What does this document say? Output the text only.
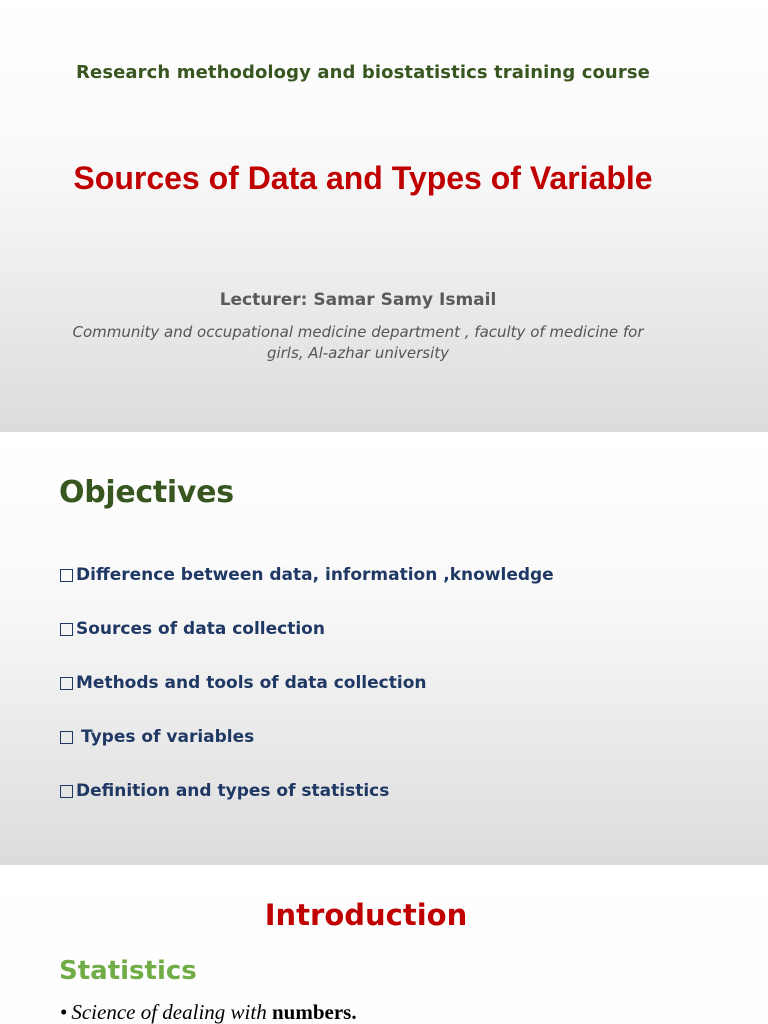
Research methodology and biostatistics training course
Sources of Data and Types of Variable
Lecturer: Samar Samy Ismail
Community and occupational medicine department , faculty of medicine for girls, Al-azhar university
Objectives
Difference between data, information ,knowledge
Sources of data collection
Methods and tools of data collection
Types of variables
Definition and types of statistics
Introduction
Statistics
• Science of dealing with numbers.
